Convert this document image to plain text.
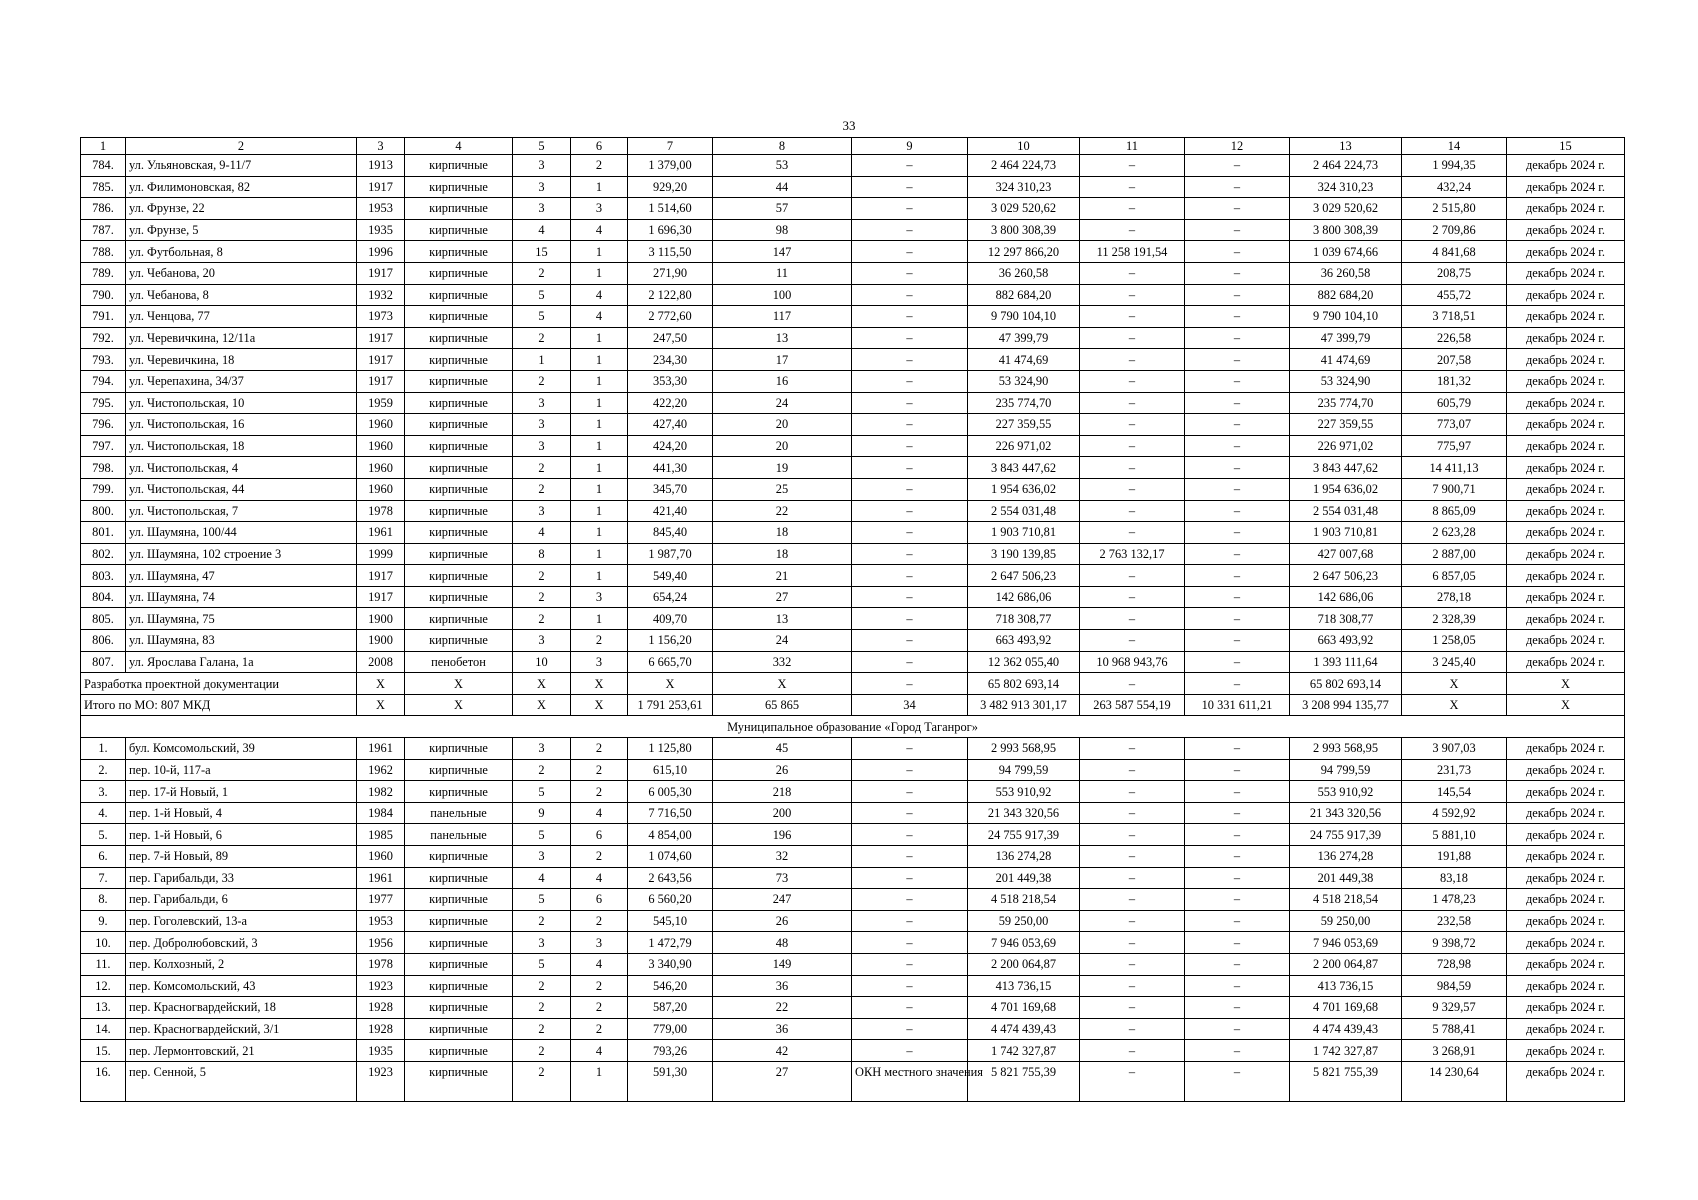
33
1	2	3	4	5	6	7	8	9	10	11	12	13	14	15
784.	ул. Ульяновская, 9-11/7	1913	кирпичные	3	2	1 379,00	53	–	2 464 224,73	–	–	2 464 224,73	1 994,35	декабрь 2024 г.
785.	ул. Филимоновская, 82	1917	кирпичные	3	1	929,20	44	–	324 310,23	–	–	324 310,23	432,24	декабрь 2024 г.
786.	ул. Фрунзе, 22	1953	кирпичные	3	3	1 514,60	57	–	3 029 520,62	–	–	3 029 520,62	2 515,80	декабрь 2024 г.
787.	ул. Фрунзе, 5	1935	кирпичные	4	4	1 696,30	98	–	3 800 308,39	–	–	3 800 308,39	2 709,86	декабрь 2024 г.
788.	ул. Футбольная, 8	1996	кирпичные	15	1	3 115,50	147	–	12 297 866,20	11 258 191,54	–	1 039 674,66	4 841,68	декабрь 2024 г.
789.	ул. Чебанова, 20	1917	кирпичные	2	1	271,90	11	–	36 260,58	–	–	36 260,58	208,75	декабрь 2024 г.
790.	ул. Чебанова, 8	1932	кирпичные	5	4	2 122,80	100	–	882 684,20	–	–	882 684,20	455,72	декабрь 2024 г.
791.	ул. Ченцова, 77	1973	кирпичные	5	4	2 772,60	117	–	9 790 104,10	–	–	9 790 104,10	3 718,51	декабрь 2024 г.
792.	ул. Черевичкина, 12/11а	1917	кирпичные	2	1	247,50	13	–	47 399,79	–	–	47 399,79	226,58	декабрь 2024 г.
793.	ул. Черевичкина, 18	1917	кирпичные	1	1	234,30	17	–	41 474,69	–	–	41 474,69	207,58	декабрь 2024 г.
794.	ул. Черепахина, 34/37	1917	кирпичные	2	1	353,30	16	–	53 324,90	–	–	53 324,90	181,32	декабрь 2024 г.
795.	ул. Чистопольская, 10	1959	кирпичные	3	1	422,20	24	–	235 774,70	–	–	235 774,70	605,79	декабрь 2024 г.
796.	ул. Чистопольская, 16	1960	кирпичные	3	1	427,40	20	–	227 359,55	–	–	227 359,55	773,07	декабрь 2024 г.
797.	ул. Чистопольская, 18	1960	кирпичные	3	1	424,20	20	–	226 971,02	–	–	226 971,02	775,97	декабрь 2024 г.
798.	ул. Чистопольская, 4	1960	кирпичные	2	1	441,30	19	–	3 843 447,62	–	–	3 843 447,62	14 411,13	декабрь 2024 г.
799.	ул. Чистопольская, 44	1960	кирпичные	2	1	345,70	25	–	1 954 636,02	–	–	1 954 636,02	7 900,71	декабрь 2024 г.
800.	ул. Чистопольская, 7	1978	кирпичные	3	1	421,40	22	–	2 554 031,48	–	–	2 554 031,48	8 865,09	декабрь 2024 г.
801.	ул. Шаумяна, 100/44	1961	кирпичные	4	1	845,40	18	–	1 903 710,81	–	–	1 903 710,81	2 623,28	декабрь 2024 г.
802.	ул. Шаумяна, 102 строение 3	1999	кирпичные	8	1	1 987,70	18	–	3 190 139,85	2 763 132,17	–	427 007,68	2 887,00	декабрь 2024 г.
803.	ул. Шаумяна, 47	1917	кирпичные	2	1	549,40	21	–	2 647 506,23	–	–	2 647 506,23	6 857,05	декабрь 2024 г.
804.	ул. Шаумяна, 74	1917	кирпичные	2	3	654,24	27	–	142 686,06	–	–	142 686,06	278,18	декабрь 2024 г.
805.	ул. Шаумяна, 75	1900	кирпичные	2	1	409,70	13	–	718 308,77	–	–	718 308,77	2 328,39	декабрь 2024 г.
806.	ул. Шаумяна, 83	1900	кирпичные	3	2	1 156,20	24	–	663 493,92	–	–	663 493,92	1 258,05	декабрь 2024 г.
807.	ул. Ярослава Галана, 1а	2008	пенобетон	10	3	6 665,70	332	–	12 362 055,40	10 968 943,76	–	1 393 111,64	3 245,40	декабрь 2024 г.
Разработка проектной документации		X	X	X	X	X	X	–	65 802 693,14	–	–	65 802 693,14	X	X
Итого по МО: 807 МКД		X	X	X	X	1 791 253,61	65 865	34	3 482 913 301,17	263 587 554,19	10 331 611,21	3 208 994 135,77	X	X
Муниципальное образование «Город Таганрог»														
1.	бул. Комсомольский, 39	1961	кирпичные	3	2	1 125,80	45	–	2 993 568,95	–	–	2 993 568,95	3 907,03	декабрь 2024 г.
2.	пер. 10-й, 117-а	1962	кирпичные	2	2	615,10	26	–	94 799,59	–	–	94 799,59	231,73	декабрь 2024 г.
3.	пер. 17-й Новый, 1	1982	кирпичные	5	2	6 005,30	218	–	553 910,92	–	–	553 910,92	145,54	декабрь 2024 г.
4.	пер. 1-й Новый, 4	1984	панельные	9	4	7 716,50	200	–	21 343 320,56	–	–	21 343 320,56	4 592,92	декабрь 2024 г.
5.	пер. 1-й Новый, 6	1985	панельные	5	6	4 854,00	196	–	24 755 917,39	–	–	24 755 917,39	5 881,10	декабрь 2024 г.
6.	пер. 7-й Новый, 89	1960	кирпичные	3	2	1 074,60	32	–	136 274,28	–	–	136 274,28	191,88	декабрь 2024 г.
7.	пер. Гарибальди, 33	1961	кирпичные	4	4	2 643,56	73	–	201 449,38	–	–	201 449,38	83,18	декабрь 2024 г.
8.	пер. Гарибальди, 6	1977	кирпичные	5	6	6 560,20	247	–	4 518 218,54	–	–	4 518 218,54	1 478,23	декабрь 2024 г.
9.	пер. Гоголевский, 13-а	1953	кирпичные	2	2	545,10	26	–	59 250,00	–	–	59 250,00	232,58	декабрь 2024 г.
10.	пер. Добролюбовский, 3	1956	кирпичные	3	3	1 472,79	48	–	7 946 053,69	–	–	7 946 053,69	9 398,72	декабрь 2024 г.
11.	пер. Колхозный, 2	1978	кирпичные	5	4	3 340,90	149	–	2 200 064,87	–	–	2 200 064,87	728,98	декабрь 2024 г.
12.	пер. Комсомольский, 43	1923	кирпичные	2	2	546,20	36	–	413 736,15	–	–	413 736,15	984,59	декабрь 2024 г.
13.	пер. Красногвардейский, 18	1928	кирпичные	2	2	587,20	22	–	4 701 169,68	–	–	4 701 169,68	9 329,57	декабрь 2024 г.
14.	пер. Красногвардейский, 3/1	1928	кирпичные	2	2	779,00	36	–	4 474 439,43	–	–	4 474 439,43	5 788,41	декабрь 2024 г.
15.	пер. Лермонтовский, 21	1935	кирпичные	2	4	793,26	42	–	1 742 327,87	–	–	1 742 327,87	3 268,91	декабрь 2024 г.
16.	пер. Сенной, 5	1923	кирпичные	2	1	591,30	27	ОКН местного значения	5 821 755,39	–	–	5 821 755,39	14 230,64	декабрь 2024 г.
